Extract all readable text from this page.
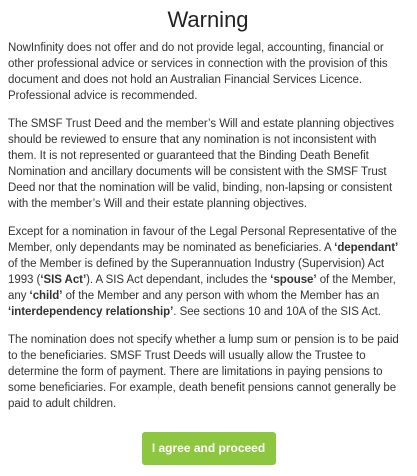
Warning

NowInfinity does not offer and do not provide legal, accounting, financial or other professional advice or services in connection with the provision of this document and does not hold an Australian Financial Services Licence. Professional advice is recommended.

The SMSF Trust Deed and the member’s Will and estate planning objectives should be reviewed to ensure that any nomination is not inconsistent with them. It is not represented or guaranteed that the Binding Death Benefit Nomination and ancillary documents will be consistent with the SMSF Trust Deed nor that the nomination will be valid, binding, non-lapsing or consistent with the member’s Will and their estate planning objectives.

Except for a nomination in favour of the Legal Personal Representative of the Member, only dependants may be nominated as beneficiaries. A ‘dependant’ of the Member is defined by the Superannuation Industry (Supervision) Act 1993 (‘SIS Act’). A SIS Act dependant, includes the ‘spouse’ of the Member, any ‘child’ of the Member and any person with whom the Member has an ‘interdependency relationship’. See sections 10 and 10A of the SIS Act.

The nomination does not specify whether a lump sum or pension is to be paid to the beneficiaries. SMSF Trust Deeds will usually allow the Trustee to determine the form of payment. There are limitations in paying pensions to some beneficiaries. For example, death benefit pensions cannot generally be paid to adult children.

I agree and proceed
